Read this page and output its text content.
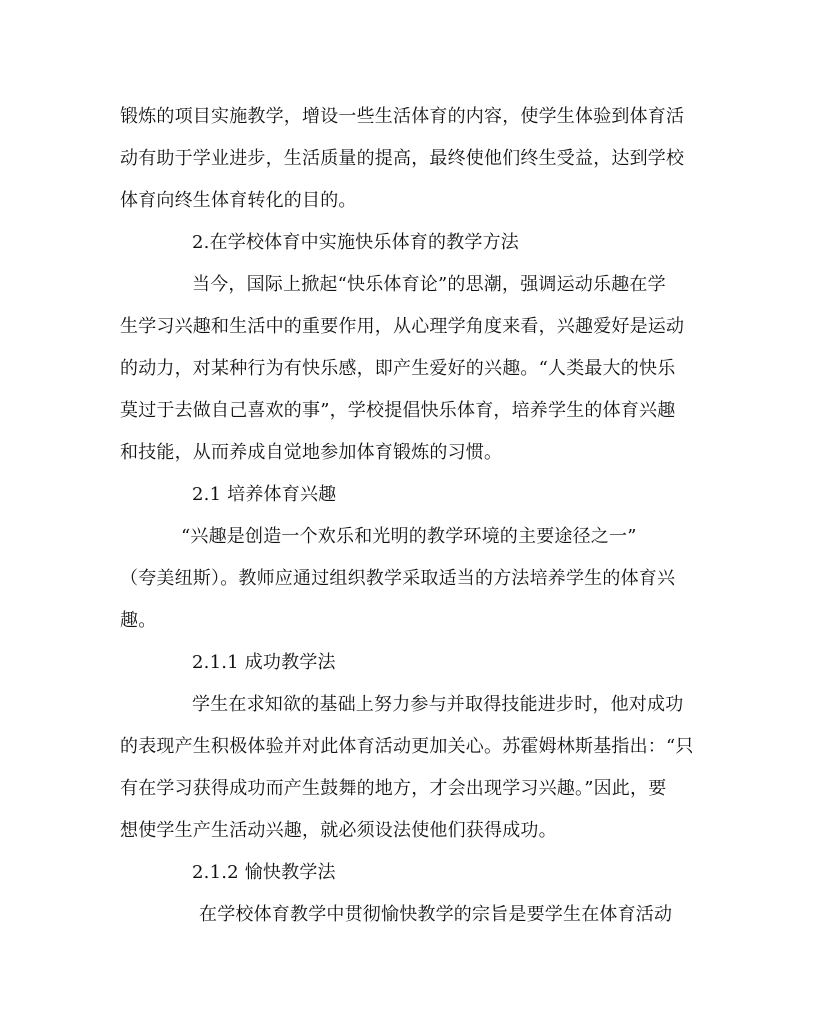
锻炼的项目实施教学，增设一些生活体育的内容，使学生体验到体育活
动有助于学业进步，生活质量的提高，最终使他们终生受益，达到学校
体育向终生体育转化的目的。
2.在学校体育中实施快乐体育的教学方法
当今，国际上掀起“快乐体育论”的思潮，强调运动乐趣在学
生学习兴趣和生活中的重要作用，从心理学角度来看，兴趣爱好是运动
的动力，对某种行为有快乐感，即产生爱好的兴趣。“人类最大的快乐
莫过于去做自己喜欢的事”，学校提倡快乐体育，培养学生的体育兴趣
和技能，从而养成自觉地参加体育锻炼的习惯。
2.1 培养体育兴趣
“兴趣是创造一个欢乐和光明的教学环境的主要途径之一”
（夸美纽斯）。教师应通过组织教学采取适当的方法培养学生的体育兴
趣。
2.1.1 成功教学法
学生在求知欲的基础上努力参与并取得技能进步时，他对成功
的表现产生积极体验并对此体育活动更加关心。苏霍姆林斯基指出：“只
有在学习获得成功而产生鼓舞的地方，才会出现学习兴趣。”因此，要
想使学生产生活动兴趣，就必须设法使他们获得成功。
2.1.2 愉快教学法
在学校体育教学中贯彻愉快教学的宗旨是要学生在体育活动
